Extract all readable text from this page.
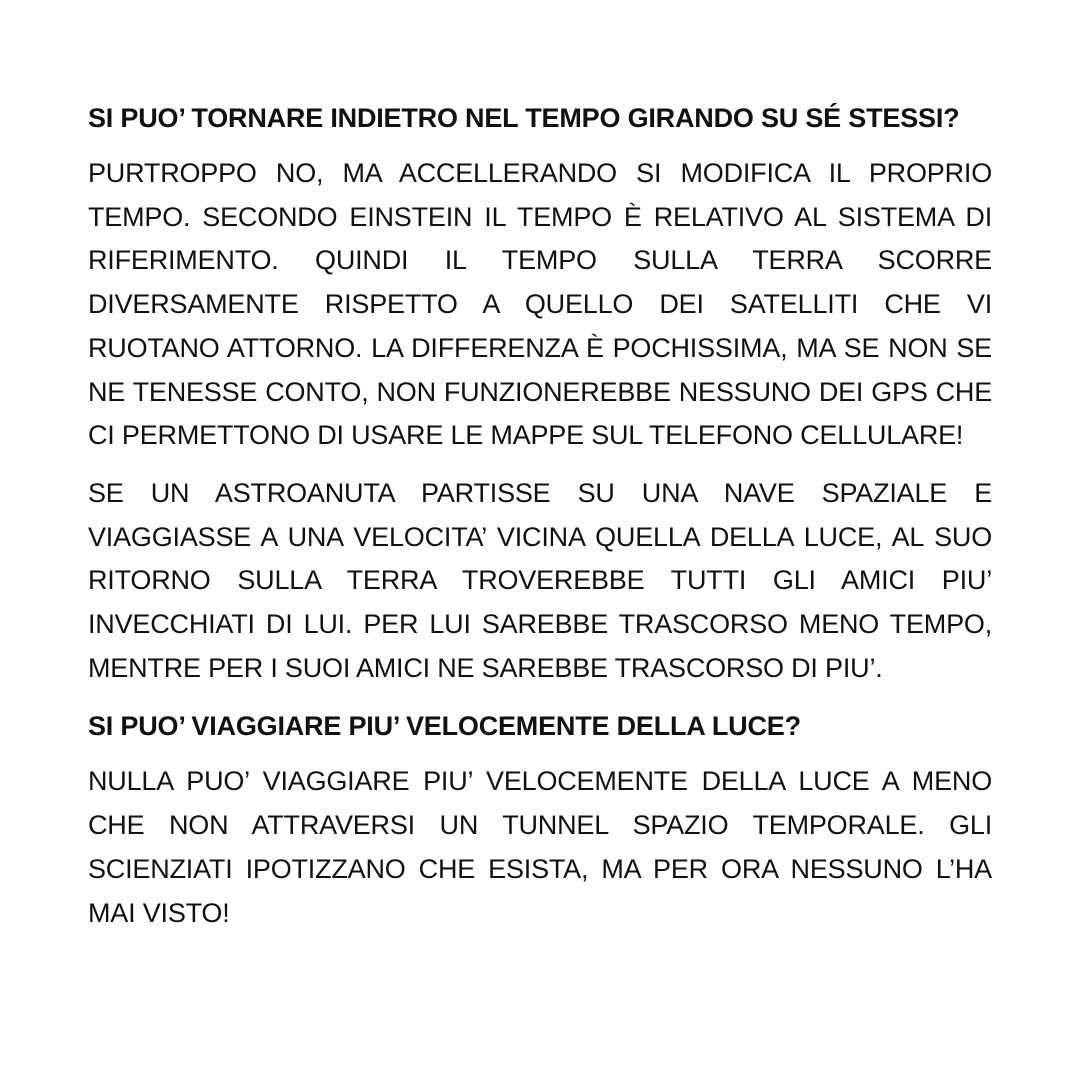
SI PUO’ TORNARE INDIETRO NEL TEMPO GIRANDO SU SÉ STESSI?

PURTROPPO NO, MA ACCELLERANDO SI MODIFICA IL PROPRIO TEMPO. SECONDO EINSTEIN IL TEMPO È RELATIVO AL SISTEMA DI RIFERIMENTO. QUINDI IL TEMPO SULLA TERRA SCORRE DIVERSAMENTE RISPETTO A QUELLO DEI SATELLITI CHE VI RUOTANO ATTORNO. LA DIFFERENZA È POCHISSIMA, MA SE NON SE NE TENESSE CONTO, NON FUNZIONEREBBE NESSUNO DEI GPS CHE CI PERMETTONO DI USARE LE MAPPE SUL TELEFONO CELLULARE!

SE UN ASTROANUTA PARTISSE SU UNA NAVE SPAZIALE E VIAGGIASSE A UNA VELOCITA’ VICINA QUELLA DELLA LUCE, AL SUO RITORNO SULLA TERRA TROVEREBBE TUTTI GLI AMICI PIU’ INVECCHIATI DI LUI. PER LUI SAREBBE TRASCORSO MENO TEMPO, MENTRE PER I SUOI AMICI NE SAREBBE TRASCORSO DI PIU’.

SI PUO’ VIAGGIARE PIU’ VELOCEMENTE DELLA LUCE?

NULLA PUO’ VIAGGIARE PIU’ VELOCEMENTE DELLA LUCE A MENO CHE NON ATTRAVERSI UN TUNNEL SPAZIO TEMPORALE. GLI SCIENZIATI IPOTIZZANO CHE ESISTA, MA PER ORA NESSUNO L’HA MAI VISTO!
